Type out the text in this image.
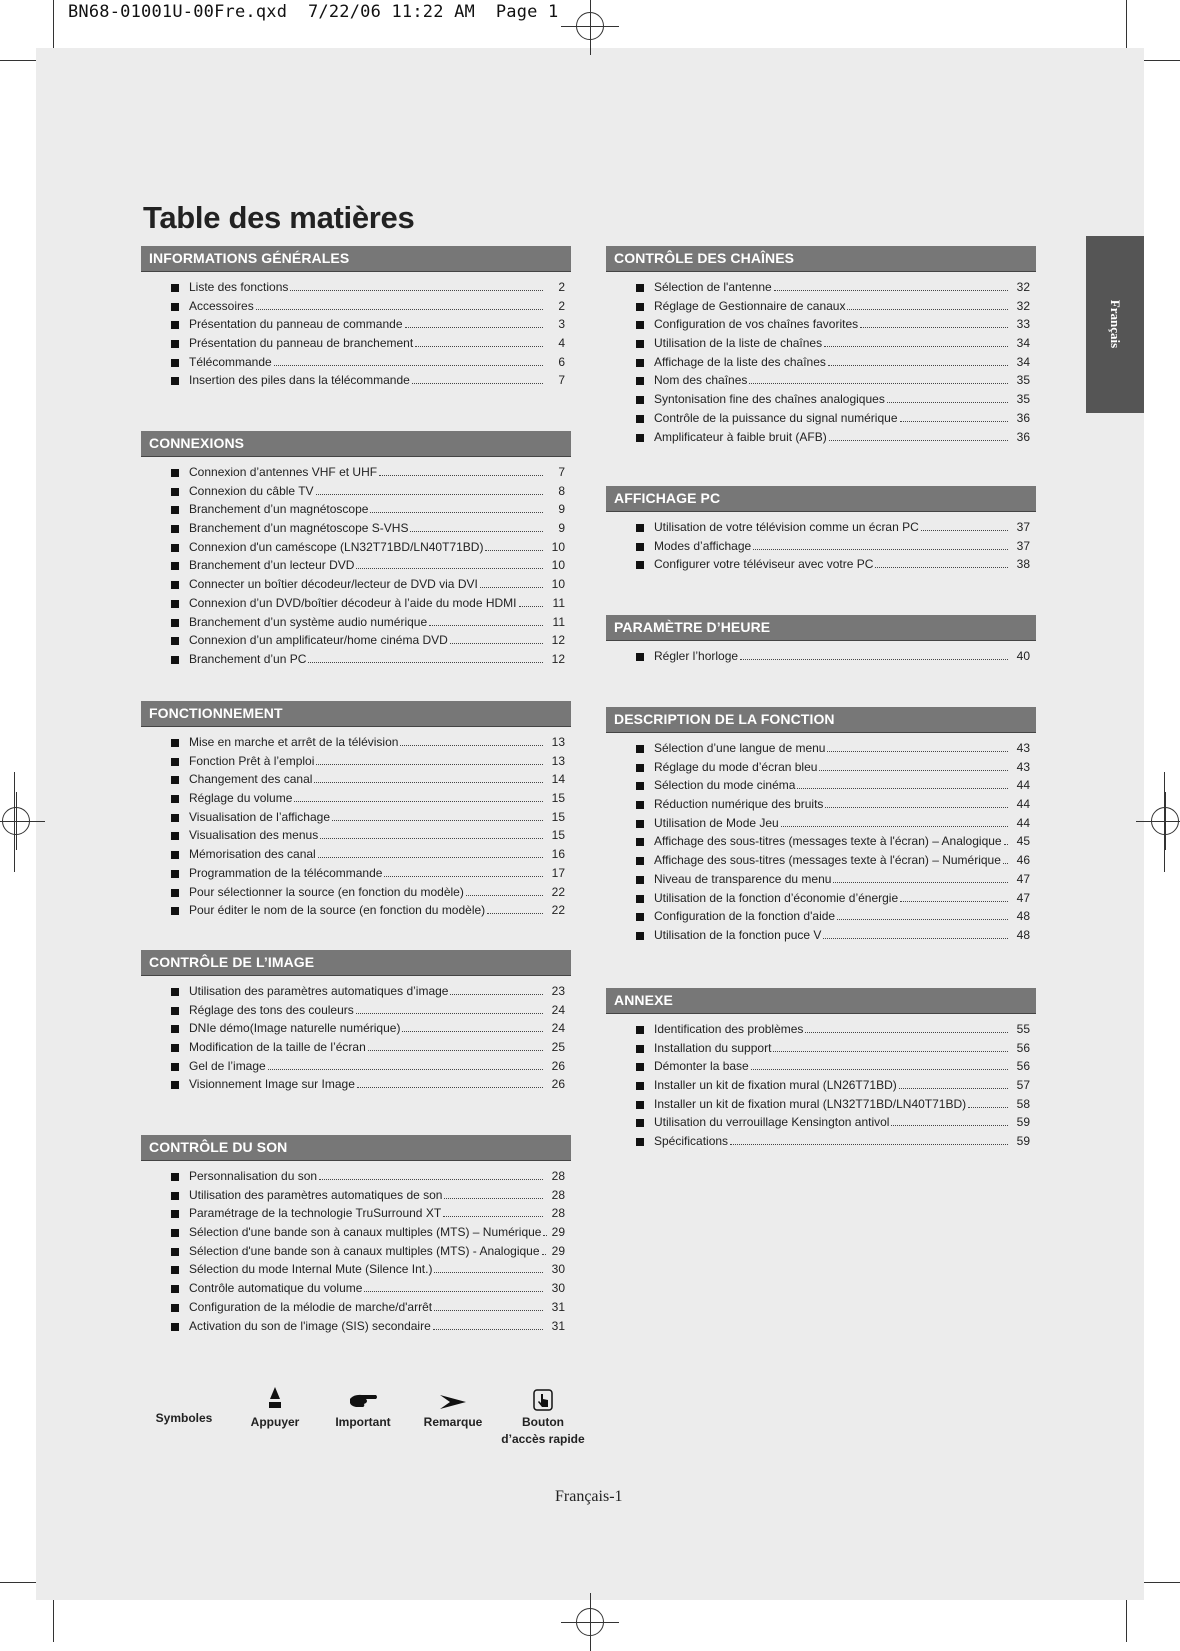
BN68-01001U-00Fre.qxd  7/22/06 11:22 AM  Page 1
Table des matières
Français
INFORMATIONS GÉNÉRALES
Liste des fonctions	2
Accessoires	2
Présentation du panneau de commande	3
Présentation du panneau de branchement	4
Télécommande	6
Insertion des piles dans la télécommande	7
CONNEXIONS
Connexion d’antennes VHF et UHF	7
Connexion du câble TV	8
Branchement d’un magnétoscope	9
Branchement d’un magnétoscope S-VHS	9
Connexion d'un caméscope (LN32T71BD/LN40T71BD)	10
Branchement d’un lecteur DVD	10
Connecter un boîtier décodeur/lecteur de DVD via DVI	10
Connexion d’un DVD/boîtier décodeur à l’aide du mode HDMI	11
Branchement d’un système audio numérique	11
Connexion d’un amplificateur/home cinéma DVD	12
Branchement d’un PC	12
FONCTIONNEMENT
Mise en marche et arrêt de la télévision	13
Fonction Prêt à l’emploi	13
Changement des canal	14
Réglage du volume	15
Visualisation de l’affichage	15
Visualisation des menus	15
Mémorisation des canal	16
Programmation de la télécommande	17
Pour sélectionner la source (en fonction du modèle)	22
Pour éditer le nom de la source (en fonction du modèle)	22
CONTRÔLE DE L’IMAGE
Utilisation des paramètres automatiques d’image	23
Réglage des tons des couleurs	24
DNIe démo(Image naturelle numérique)	24
Modification de la taille de l’écran	25
Gel de l’image	26
Visionnement Image sur Image	26
CONTRÔLE DU SON
Personnalisation du son	28
Utilisation des paramètres automatiques de son	28
Paramétrage de la technologie TruSurround XT	28
Sélection d'une bande son à canaux multiples (MTS) – Numérique 29
Sélection d'une bande son à canaux multiples (MTS) - Analogique 29
Sélection du mode Internal Mute (Silence Int.)	30
Contrôle automatique du volume	30
Configuration de la mélodie de marche/d'arrêt	31
Activation du son de l'image (SIS) secondaire	31
CONTRÔLE DES CHAÎNES
Sélection de l'antenne	32
Réglage de Gestionnaire de canaux	32
Configuration de vos chaînes favorites	33
Utilisation de la liste de chaînes	34
Affichage de la liste des chaînes	34
Nom des chaînes	35
Syntonisation fine des chaînes analogiques	35
Contrôle de la puissance du signal numérique	36
Amplificateur à faible bruit (AFB)	36
AFFICHAGE PC
Utilisation de votre télévision comme un écran PC	37
Modes d’affichage	37
Configurer votre téléviseur avec votre PC	38
PARAMÈTRE D’HEURE
Régler l’horloge	40
DESCRIPTION DE LA FONCTION
Sélection d’une langue de menu	43
Réglage du mode d’écran bleu	43
Sélection du mode cinéma	44
Réduction numérique des bruits	44
Utilisation de Mode Jeu	44
Affichage des sous-titres (messages texte à l'écran) – Analogique	45
Affichage des sous-titres (messages texte à l'écran) – Numérique	46
Niveau de transparence du menu	47
Utilisation de la fonction d’économie d’énergie	47
Configuration de la fonction d'aide	48
Utilisation de la fonction puce V	48
ANNEXE
Identification des problèmes	55
Installation du support	56
Démonter la base	56
Installer un kit de fixation mural (LN26T71BD)	57
Installer un kit de fixation mural (LN32T71BD/LN40T71BD)	58
Utilisation du verrouillage Kensington antivol	59
Spécifications	59
Symboles	Appuyer	Important	Remarque	Bouton
d’accès rapide
Français-1
